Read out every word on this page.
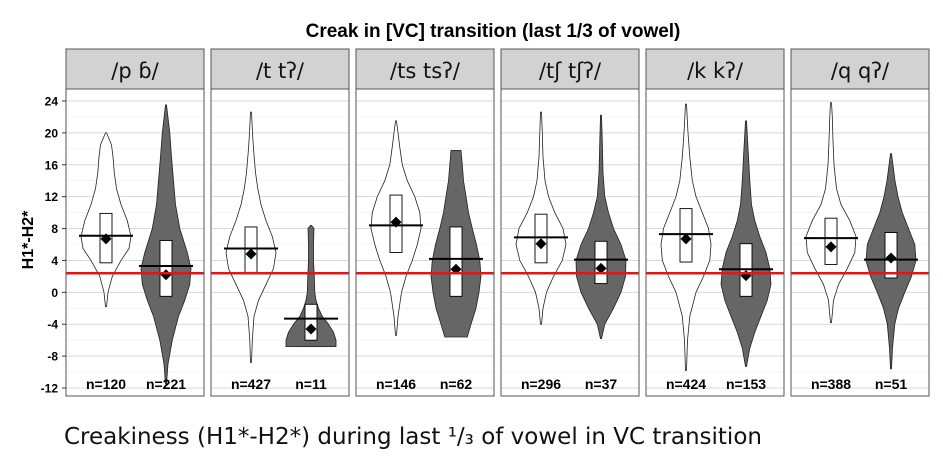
Creak in [VC] transition (last 1/3 of vowel)
H1*-H2*
/p ɓ/
n=120 n=221
/t tʔ/
n=427 n=11
/ts tsʔ/
n=146 n=62
/tʃ tʃʔ/
n=296 n=37
/k kʔ/
n=424 n=153
/q qʔ/
n=388 n=51
-12
-8
-4
0
4
8
12
16
20
24
Creakiness (H1*-H2*) during last ¹/₃ of vowel in VC transition
